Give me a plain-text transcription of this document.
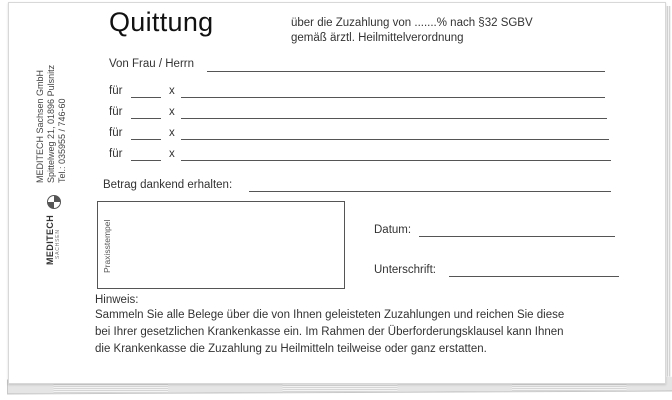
Quittung	über die Zuzahlung von .......% nach §32 SGBV
gemäß ärztl. Heilmittelverordnung
Von Frau / Herrn
für	x
für	x
für	x
für	x
Betrag dankend erhalten:
Praxisstempel	Datum:
Unterschrift:
Hinweis:
Sammeln Sie alle Belege über die von Ihnen geleisteten Zuzahlungen und reichen Sie diese
bei Ihrer gesetzlichen Krankenkasse ein. Im Rahmen der Überforderungsklausel kann Ihnen
die Krankenkasse die Zuzahlung zu Heilmitteln teilweise oder ganz erstatten.
MEDITECH Sachsen GmbH Spittelweg 21, 01896 Pulsnitz Tel.: 035955 / 746-60
MEDITECH SACHSEN
